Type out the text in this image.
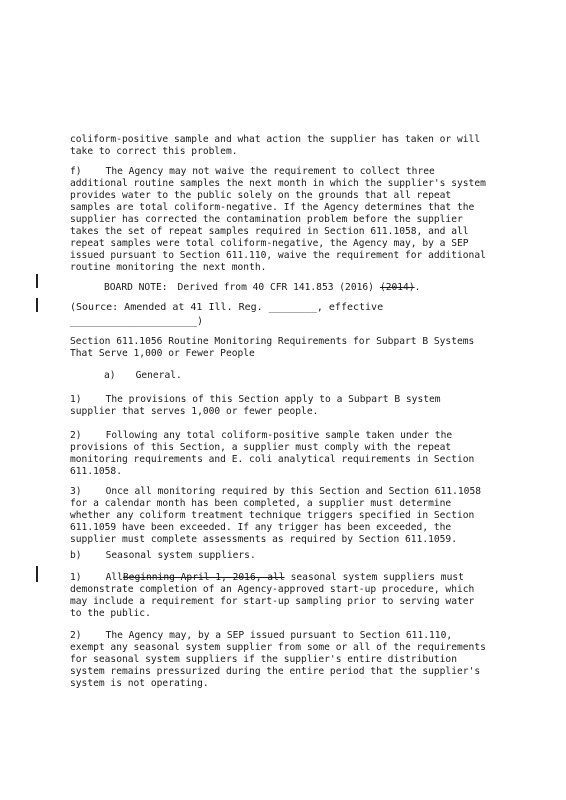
coliform-positive sample and what action the supplier has taken or will
take to correct this problem.
f)	The Agency may not waive the requirement to collect three
additional routine samples the next month in which the supplier's system
provides water to the public solely on the grounds that all repeat
samples are total coliform-negative. If the Agency determines that the
supplier has corrected the contamination problem before the supplier
takes the set of repeat samples required in Section 611.1058, and all
repeat samples were total coliform-negative, the Agency may, by a SEP
issued pursuant to Section 611.110, waive the requirement for additional
routine monitoring the next month.
BOARD NOTE: Derived from 40 CFR 141.853 (2016) (2014).
(Source: Amended at 41 Ill. Reg. ________, effective
______________________)
Section 611.1056 Routine Monitoring Requirements for Subpart B Systems
That Serve 1,000 or Fewer People
a) General.
1)	The provisions of this Section apply to a Subpart B system
supplier that serves 1,000 or fewer people.
2)	Following any total coliform-positive sample taken under the
provisions of this Section, a supplier must comply with the repeat
monitoring requirements and E. coli analytical requirements in Section
611.1058.
3)	Once all monitoring required by this Section and Section 611.1058
for a calendar month has been completed, a supplier must determine
whether any coliform treatment technique triggers specified in Section
611.1059 have been exceeded. If any trigger has been exceeded, the
supplier must complete assessments as required by Section 611.1059.
b)	Seasonal system suppliers.
1)	AllBeginning April 1, 2016, all seasonal system suppliers must
demonstrate completion of an Agency-approved start-up procedure, which
may include a requirement for start-up sampling prior to serving water
to the public.
2)	The Agency may, by a SEP issued pursuant to Section 611.110,
exempt any seasonal system supplier from some or all of the requirements
for seasonal system suppliers if the supplier's entire distribution
system remains pressurized during the entire period that the supplier's
system is not operating.
